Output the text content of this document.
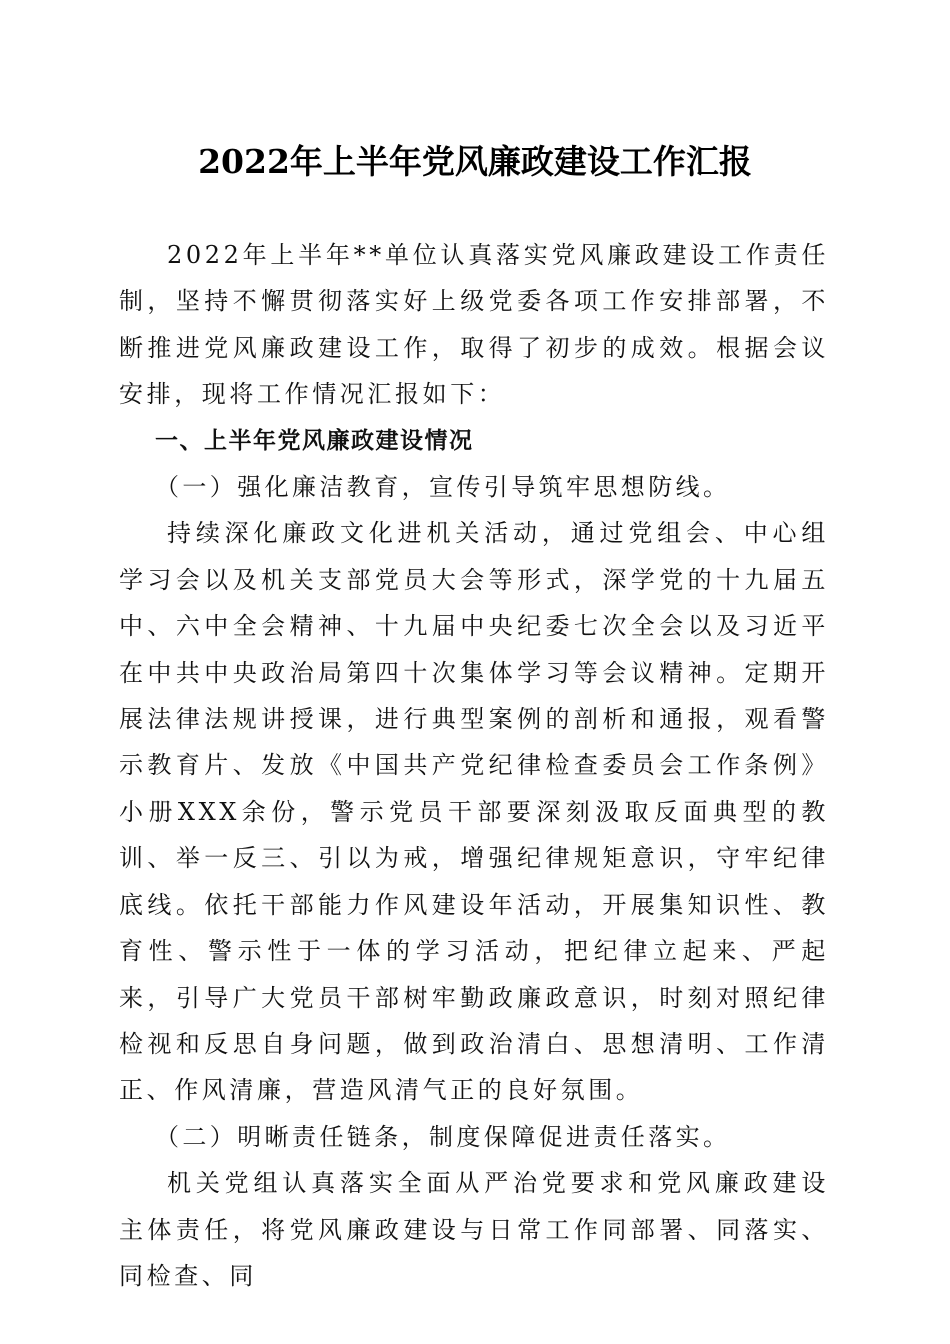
2022年上半年党风廉政建设工作汇报

2022年上半年**单位认真落实党风廉政建设工作责任制，坚持不懈贯彻落实好上级党委各项工作安排部署，不断推进党风廉政建设工作，取得了初步的成效。根据会议安排，现将工作情况汇报如下：

一、上半年党风廉政建设情况

（一）强化廉洁教育，宣传引导筑牢思想防线。

持续深化廉政文化进机关活动，通过党组会、中心组学习会以及机关支部党员大会等形式，深学党的十九届五中、六中全会精神、十九届中央纪委七次全会以及习近平在中共中央政治局第四十次集体学习等会议精神。定期开展法律法规讲授课，进行典型案例的剖析和通报，观看警示教育片、发放《中国共产党纪律检查委员会工作条例》小册XXX余份，警示党员干部要深刻汲取反面典型的教训、举一反三、引以为戒，增强纪律规矩意识，守牢纪律底线。依托干部能力作风建设年活动，开展集知识性、教育性、警示性于一体的学习活动，把纪律立起来、严起来，引导广大党员干部树牢勤政廉政意识，时刻对照纪律检视和反思自身问题，做到政治清白、思想清明、工作清正、作风清廉，营造风清气正的良好氛围。

（二）明晰责任链条，制度保障促进责任落实。

机关党组认真落实全面从严治党要求和党风廉政建设主体责任，将党风廉政建设与日常工作同部署、同落实、同检查、同
